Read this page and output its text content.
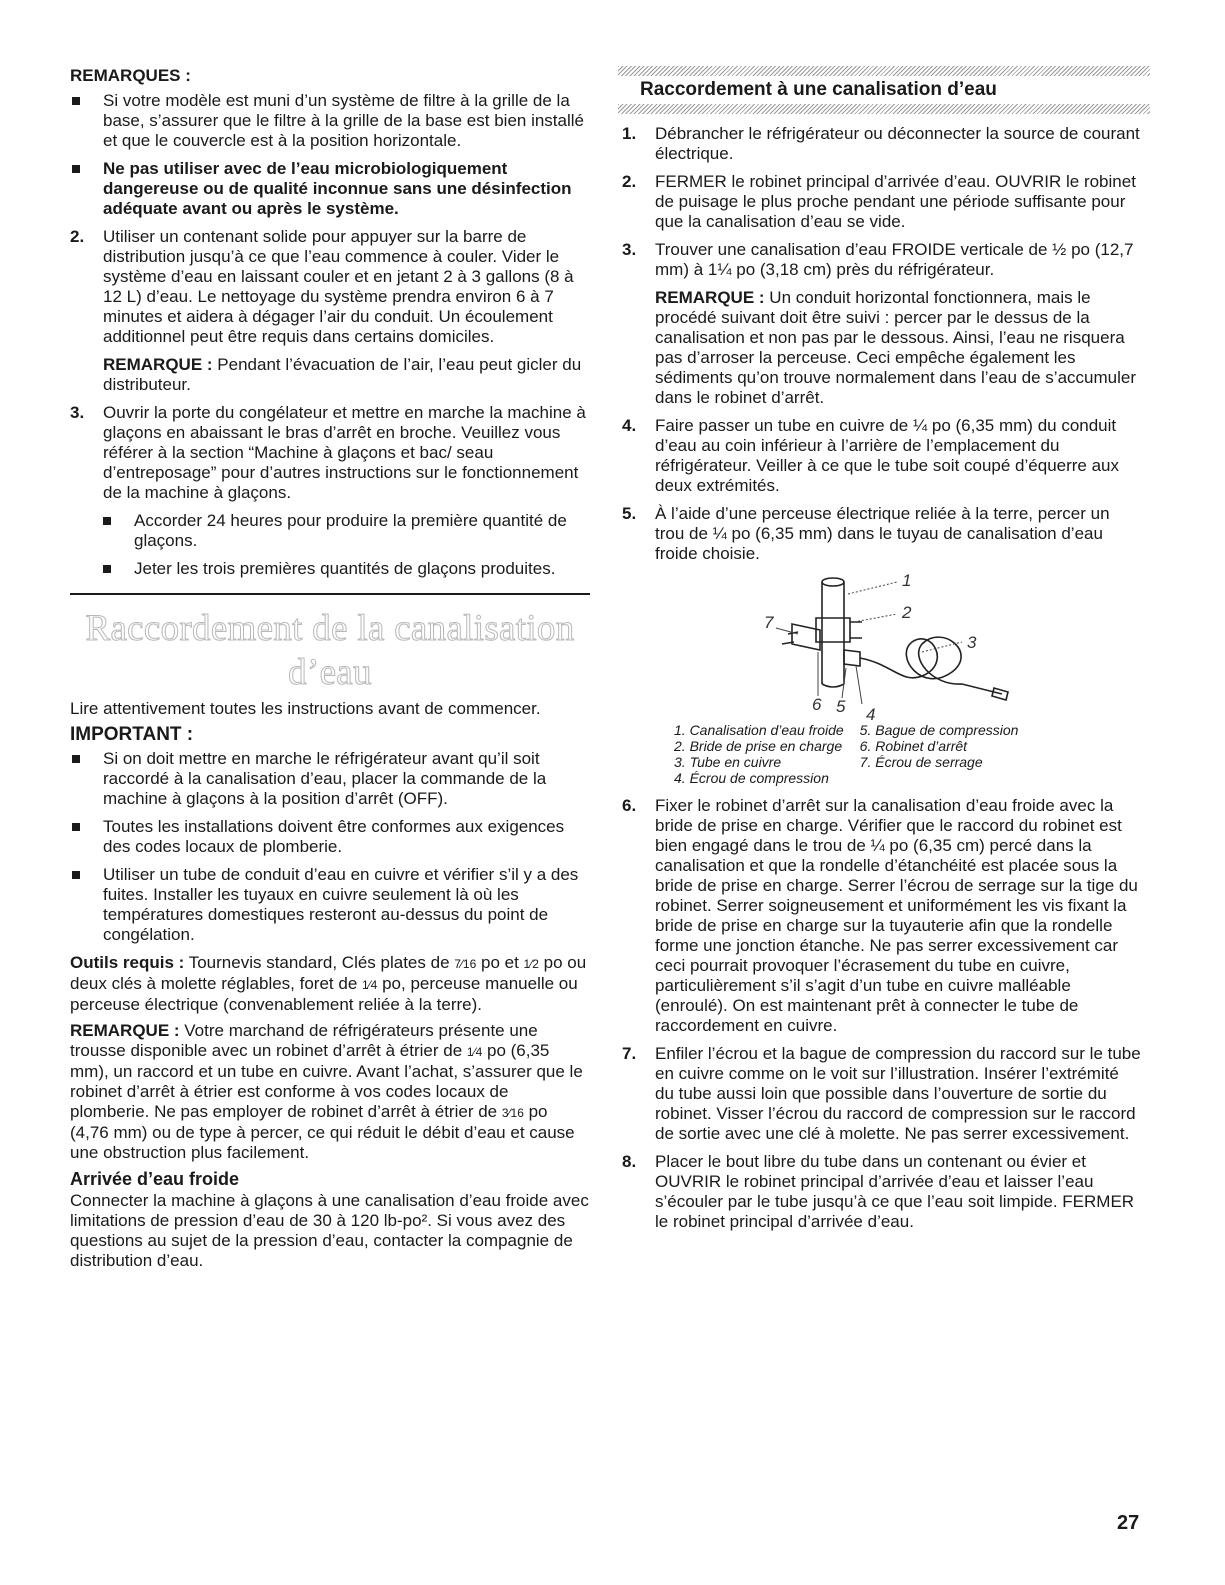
REMARQUES :

Si votre modèle est muni d’un système de filtre à la grille de la base, s’assurer que le filtre à la grille de la base est bien installé et que le couvercle est à la position horizontale.

Ne pas utiliser avec de l’eau microbiologiquement dangereuse ou de qualité inconnue sans une désinfection adéquate avant ou après le système.

2. Utiliser un contenant solide pour appuyer sur la barre de distribution jusqu’à ce que l’eau commence à couler. Vider le système d’eau en laissant couler et en jetant 2 à 3 gallons (8 à 12 L) d’eau. Le nettoyage du système prendra environ 6 à 7 minutes et aidera à dégager l’air du conduit. Un écoulement additionnel peut être requis dans certains domiciles.

REMARQUE : Pendant l’évacuation de l’air, l’eau peut gicler du distributeur.

3. Ouvrir la porte du congélateur et mettre en marche la machine à glaçons en abaissant le bras d’arrêt en broche. Veuillez vous référer à la section “Machine à glaçons et bac/ seau d’entreposage” pour d’autres instructions sur le fonctionnement de la machine à glaçons.

Accorder 24 heures pour produire la première quantité de glaçons.

Jeter les trois premières quantités de glaçons produites.

Raccordement de la canalisation d’eau

Lire attentivement toutes les instructions avant de commencer.

IMPORTANT :

Si on doit mettre en marche le réfrigérateur avant qu’il soit raccordé à la canalisation d’eau, placer la commande de la machine à glaçons à la position d’arrêt (OFF).

Toutes les installations doivent être conformes aux exigences des codes locaux de plomberie.

Utiliser un tube de conduit d’eau en cuivre et vérifier s’il y a des fuites. Installer les tuyaux en cuivre seulement là où les températures domestiques resteront au-dessus du point de congélation.

Outils requis : Tournevis standard, Clés plates de 7⁄16 po et 1⁄2 po ou deux clés à molette réglables, foret de 1⁄4 po, perceuse manuelle ou perceuse électrique (convenablement reliée à la terre).

REMARQUE : Votre marchand de réfrigérateurs présente une trousse disponible avec un robinet d’arrêt à étrier de 1⁄4 po (6,35 mm), un raccord et un tube en cuivre. Avant l’achat, s’assurer que le robinet d’arrêt à étrier est conforme à vos codes locaux de plomberie. Ne pas employer de robinet d’arrêt à étrier de 3⁄16 po (4,76 mm) ou de type à percer, ce qui réduit le débit d’eau et cause une obstruction plus facilement.

Arrivée d’eau froide

Connecter la machine à glaçons à une canalisation d’eau froide avec limitations de pression d’eau de 30 à 120 lb-po². Si vous avez des questions au sujet de la pression d’eau, contacter la compagnie de distribution d’eau.

Raccordement à une canalisation d’eau

1. Débrancher le réfrigérateur ou déconnecter la source de courant électrique.
2. FERMER le robinet principal d’arrivée d’eau. OUVRIR le robinet de puisage le plus proche pendant une période suffisante pour que la canalisation d’eau se vide.
3. Trouver une canalisation d’eau FROIDE verticale de ½ po (12,7 mm) à 1¼ po (3,18 cm) près du réfrigérateur.

REMARQUE : Un conduit horizontal fonctionnera, mais le procédé suivant doit être suivi : percer par le dessus de la canalisation et non pas par le dessous. Ainsi, l’eau ne risquera pas d’arroser la perceuse. Ceci empêche également les sédiments qu’on trouve normalement dans l’eau de s’accumuler dans le robinet d’arrêt.

4. Faire passer un tube en cuivre de ¼ po (6,35 mm) du conduit d’eau au coin inférieur à l’arrière de l’emplacement du réfrigérateur. Veiller à ce que le tube soit coupé d’équerre aux deux extrémités.
5. À l’aide d’une perceuse électrique reliée à la terre, percer un trou de ¼ po (6,35 mm) dans le tuyau de canalisation d’eau froide choisie.
1
2
3
4
5
6
7
1. Canalisation d’eau froide
2. Bride de prise en charge
3. Tube en cuivre
4. Écrou de compression
5. Bague de compression
6. Robinet d’arrêt
7. Écrou de serrage
6. Fixer le robinet d’arrêt sur la canalisation d’eau froide avec la bride de prise en charge. Vérifier que le raccord du robinet est bien engagé dans le trou de ¼ po (6,35 cm) percé dans la canalisation et que la rondelle d’étanchéité est placée sous la bride de prise en charge. Serrer l’écrou de serrage sur la tige du robinet. Serrer soigneusement et uniformément les vis fixant la bride de prise en charge sur la tuyauterie afin que la rondelle forme une jonction étanche. Ne pas serrer excessivement car ceci pourrait provoquer l’écrasement du tube en cuivre, particulièrement s’il s’agit d’un tube en cuivre malléable (enroulé). On est maintenant prêt à connecter le tube de raccordement en cuivre.
7. Enfiler l’écrou et la bague de compression du raccord sur le tube en cuivre comme on le voit sur l’illustration. Insérer l’extrémité du tube aussi loin que possible dans l’ouverture de sortie du robinet. Visser l’écrou du raccord de compression sur le raccord de sortie avec une clé à molette. Ne pas serrer excessivement.
8. Placer le bout libre du tube dans un contenant ou évier et OUVRIR le robinet principal d’arrivée d’eau et laisser l’eau s’écouler par le tube jusqu’à ce que l’eau soit limpide. FERMER le robinet principal d’arrivée d’eau.
27
